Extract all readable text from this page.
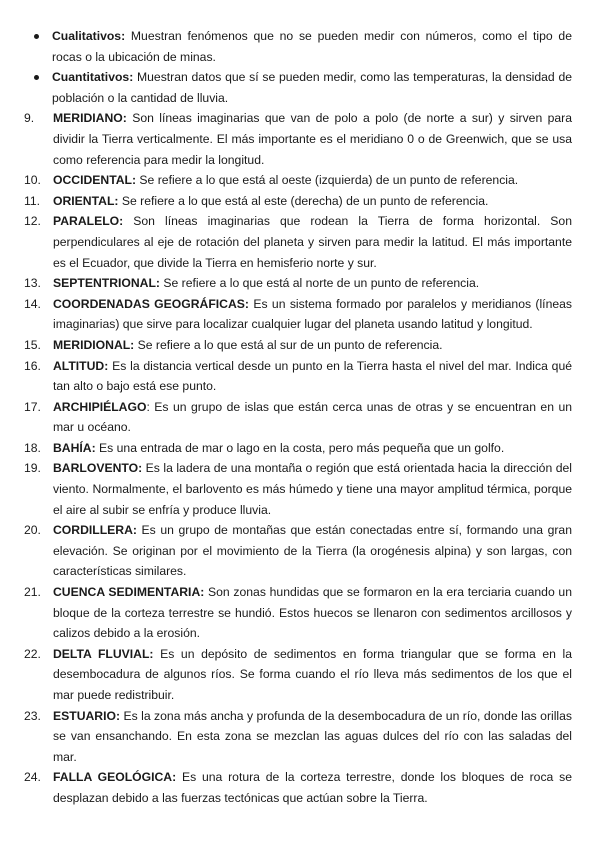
Cualitativos: Muestran fenómenos que no se pueden medir con números, como el tipo de rocas o la ubicación de minas.

Cuantitativos: Muestran datos que sí se pueden medir, como las temperaturas, la densidad de población o la cantidad de lluvia.

9. MERIDIANO: Son líneas imaginarias que van de polo a polo (de norte a sur) y sirven para dividir la Tierra verticalmente. El más importante es el meridiano 0 o de Greenwich, que se usa como referencia para medir la longitud.

10. OCCIDENTAL: Se refiere a lo que está al oeste (izquierda) de un punto de referencia.

11. ORIENTAL: Se refiere a lo que está al este (derecha) de un punto de referencia.

12. PARALELO: Son líneas imaginarias que rodean la Tierra de forma horizontal. Son perpendiculares al eje de rotación del planeta y sirven para medir la latitud. El más importante es el Ecuador, que divide la Tierra en hemisferio norte y sur.

13. SEPTENTRIONAL: Se refiere a lo que está al norte de un punto de referencia.

14. COORDENADAS GEOGRÁFICAS: Es un sistema formado por paralelos y meridianos (líneas imaginarias) que sirve para localizar cualquier lugar del planeta usando latitud y longitud.

15. MERIDIONAL: Se refiere a lo que está al sur de un punto de referencia.

16. ALTITUD: Es la distancia vertical desde un punto en la Tierra hasta el nivel del mar. Indica qué tan alto o bajo está ese punto.

17. ARCHIPIÉLAGO: Es un grupo de islas que están cerca unas de otras y se encuentran en un mar u océano.

18. BAHÍA: Es una entrada de mar o lago en la costa, pero más pequeña que un golfo.

19. BARLOVENTO: Es la ladera de una montaña o región que está orientada hacia la dirección del viento. Normalmente, el barlovento es más húmedo y tiene una mayor amplitud térmica, porque el aire al subir se enfría y produce lluvia.

20. CORDILLERA: Es un grupo de montañas que están conectadas entre sí, formando una gran elevación. Se originan por el movimiento de la Tierra (la orogénesis alpina) y son largas, con características similares.

21. CUENCA SEDIMENTARIA: Son zonas hundidas que se formaron en la era terciaria cuando un bloque de la corteza terrestre se hundió. Estos huecos se llenaron con sedimentos arcillosos y calizos debido a la erosión.

22. DELTA FLUVIAL: Es un depósito de sedimentos en forma triangular que se forma en la desembocadura de algunos ríos. Se forma cuando el río lleva más sedimentos de los que el mar puede redistribuir.

23. ESTUARIO: Es la zona más ancha y profunda de la desembocadura de un río, donde las orillas se van ensanchando. En esta zona se mezclan las aguas dulces del río con las saladas del mar.

24. FALLA GEOLÓGICA: Es una rotura de la corteza terrestre, donde los bloques de roca se desplazan debido a las fuerzas tectónicas que actúan sobre la Tierra.
